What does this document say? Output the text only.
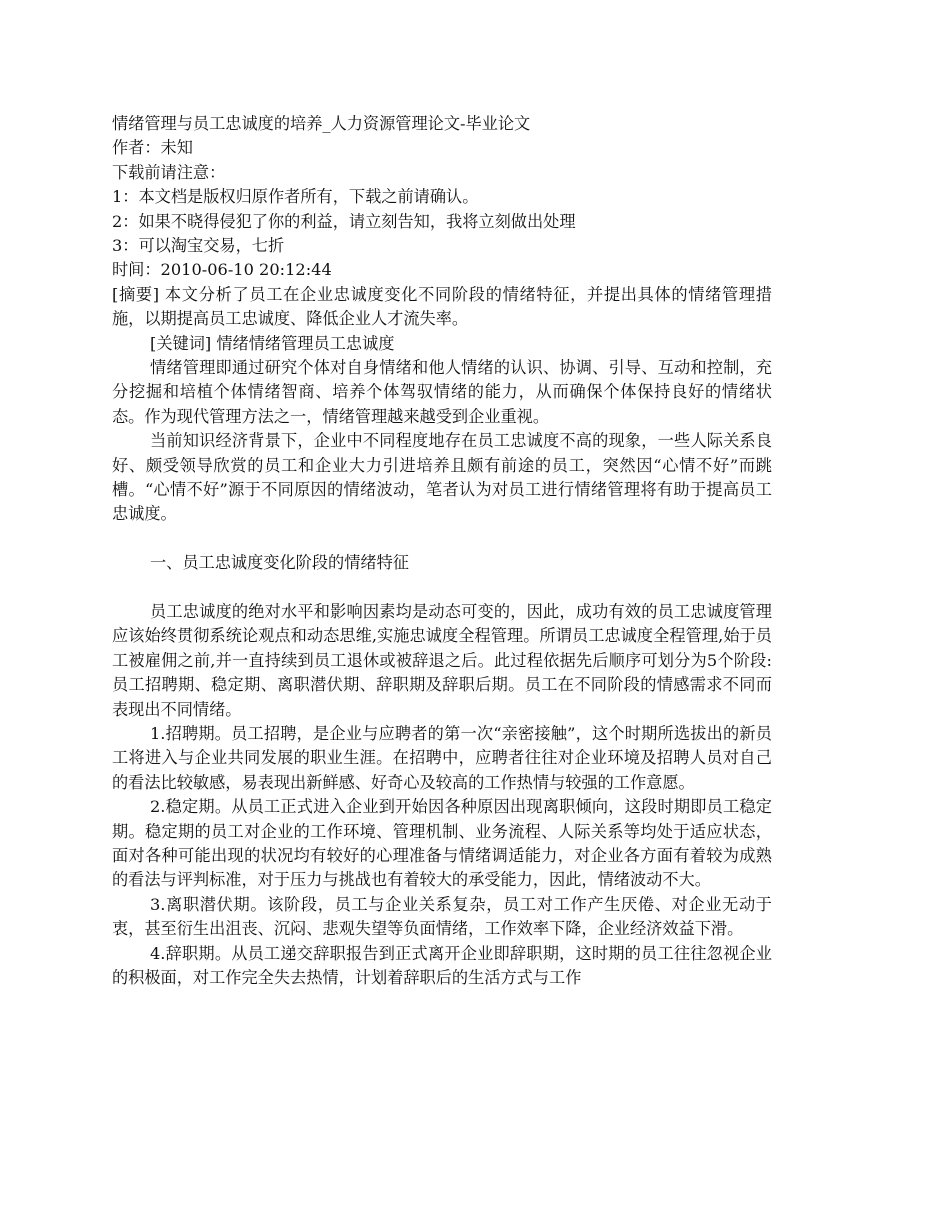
情绪管理与员工忠诚度的培养_人力资源管理论文-毕业论文

作者：未知

下载前请注意：

1：本文档是版权归原作者所有，下载之前请确认。

2：如果不晓得侵犯了你的利益，请立刻告知，我将立刻做出处理

3：可以淘宝交易，七折

时间：2010-06-10 20:12:44

[摘要] 本文分析了员工在企业忠诚度变化不同阶段的情绪特征，并提出具体的情绪管理措施，以期提高员工忠诚度、降低企业人才流失率。

[关键词] 情绪情绪管理员工忠诚度

情绪管理即通过研究个体对自身情绪和他人情绪的认识、协调、引导、互动和控制，充分挖掘和培植个体情绪智商、培养个体驾驭情绪的能力，从而确保个体保持良好的情绪状态。作为现代管理方法之一，情绪管理越来越受到企业重视。

当前知识经济背景下，企业中不同程度地存在员工忠诚度不高的现象，一些人际关系良好、颇受领导欣赏的员工和企业大力引进培养且颇有前途的员工，突然因“心情不好”而跳槽。“心情不好”源于不同原因的情绪波动，笔者认为对员工进行情绪管理将有助于提高员工忠诚度。

一、员工忠诚度变化阶段的情绪特征

员工忠诚度的绝对水平和影响因素均是动态可变的，因此，成功有效的员工忠诚度管理应该始终贯彻系统论观点和动态思维,实施忠诚度全程管理。所谓员工忠诚度全程管理,始于员工被雇佣之前,并一直持续到员工退休或被辞退之后。此过程依据先后顺序可划分为5个阶段:员工招聘期、稳定期、离职潜伏期、辞职期及辞职后期。员工在不同阶段的情感需求不同而表现出不同情绪。

1.招聘期。员工招聘，是企业与应聘者的第一次“亲密接触”，这个时期所选拔出的新员工将进入与企业共同发展的职业生涯。在招聘中，应聘者往往对企业环境及招聘人员对自己的看法比较敏感，易表现出新鲜感、好奇心及较高的工作热情与较强的工作意愿。

2.稳定期。从员工正式进入企业到开始因各种原因出现离职倾向，这段时期即员工稳定期。稳定期的员工对企业的工作环境、管理机制、业务流程、人际关系等均处于适应状态，面对各种可能出现的状况均有较好的心理准备与情绪调适能力，对企业各方面有着较为成熟的看法与评判标准，对于压力与挑战也有着较大的承受能力，因此，情绪波动不大。

3.离职潜伏期。该阶段，员工与企业关系复杂，员工对工作产生厌倦、对企业无动于衷，甚至衍生出沮丧、沉闷、悲观失望等负面情绪，工作效率下降，企业经济效益下滑。

4.辞职期。从员工递交辞职报告到正式离开企业即辞职期，这时期的员工往往忽视企业的积极面，对工作完全失去热情，计划着辞职后的生活方式与工作
